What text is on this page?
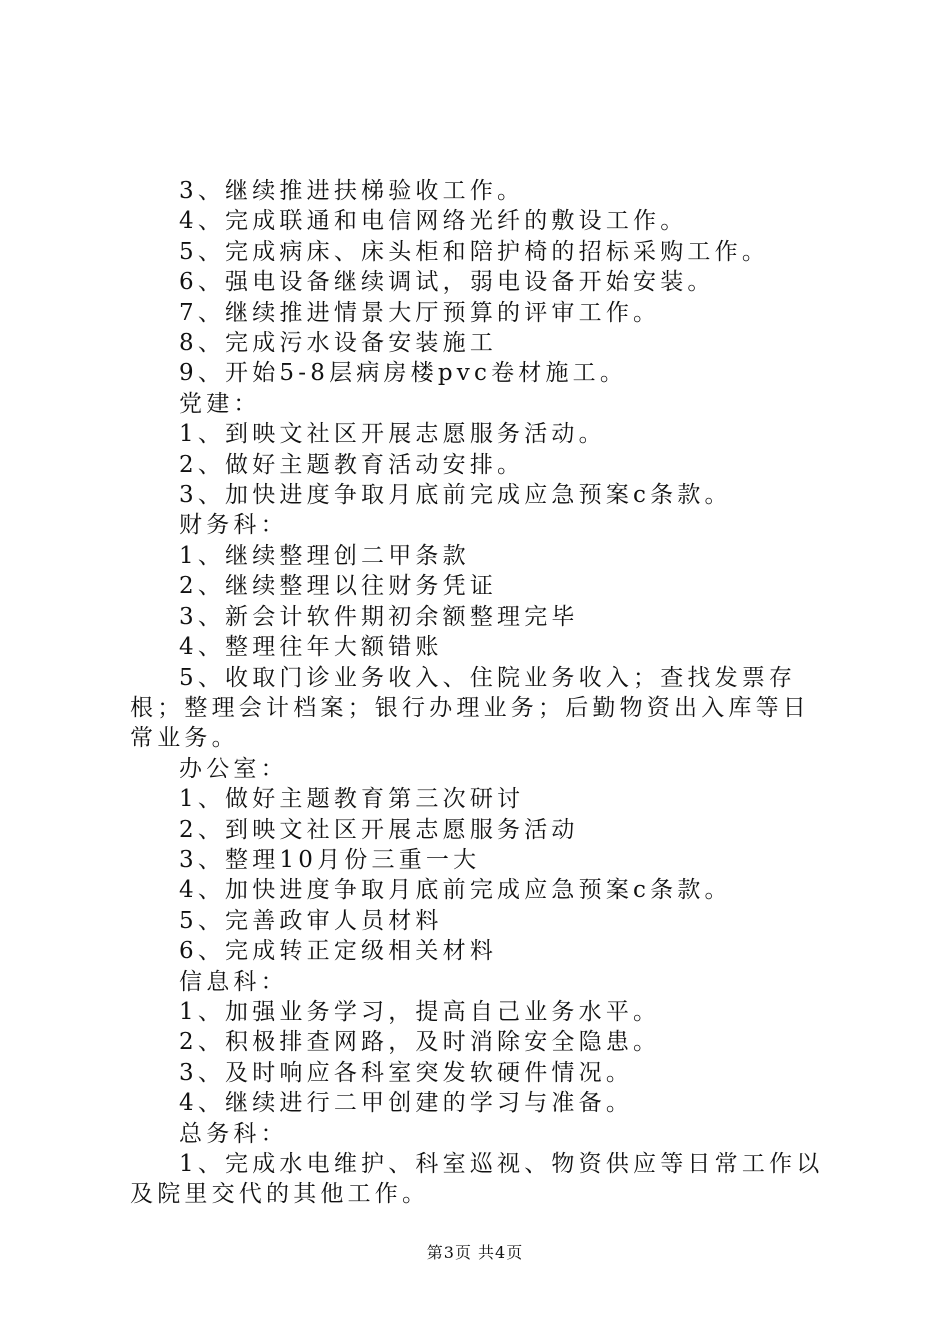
3、继续推进扶梯验收工作。

4、完成联通和电信网络光纤的敷设工作。

5、完成病床、床头柜和陪护椅的招标采购工作。

6、强电设备继续调试，弱电设备开始安装。

7、继续推进情景大厅预算的评审工作。

8、完成污水设备安装施工

9、开始5-8层病房楼pvc卷材施工。

党建：

1、到映文社区开展志愿服务活动。

2、做好主题教育活动安排。

3、加快进度争取月底前完成应急预案c条款。

财务科：

1、继续整理创二甲条款

2、继续整理以往财务凭证

3、新会计软件期初余额整理完毕

4、整理往年大额错账

5、收取门诊业务收入、住院业务收入；查找发票存根；整理会计档案；银行办理业务；后勤物资出入库等日常业务。

办公室：

1、做好主题教育第三次研讨

2、到映文社区开展志愿服务活动

3、整理10月份三重一大

4、加快进度争取月底前完成应急预案c条款。

5、完善政审人员材料

6、完成转正定级相关材料

信息科：

1、加强业务学习，提高自己业务水平。

2、积极排查网路，及时消除安全隐患。

3、及时响应各科室突发软硬件情况。

4、继续进行二甲创建的学习与准备。

总务科：

1、完成水电维护、科室巡视、物资供应等日常工作以及院里交代的其他工作。

第3页 共4页
